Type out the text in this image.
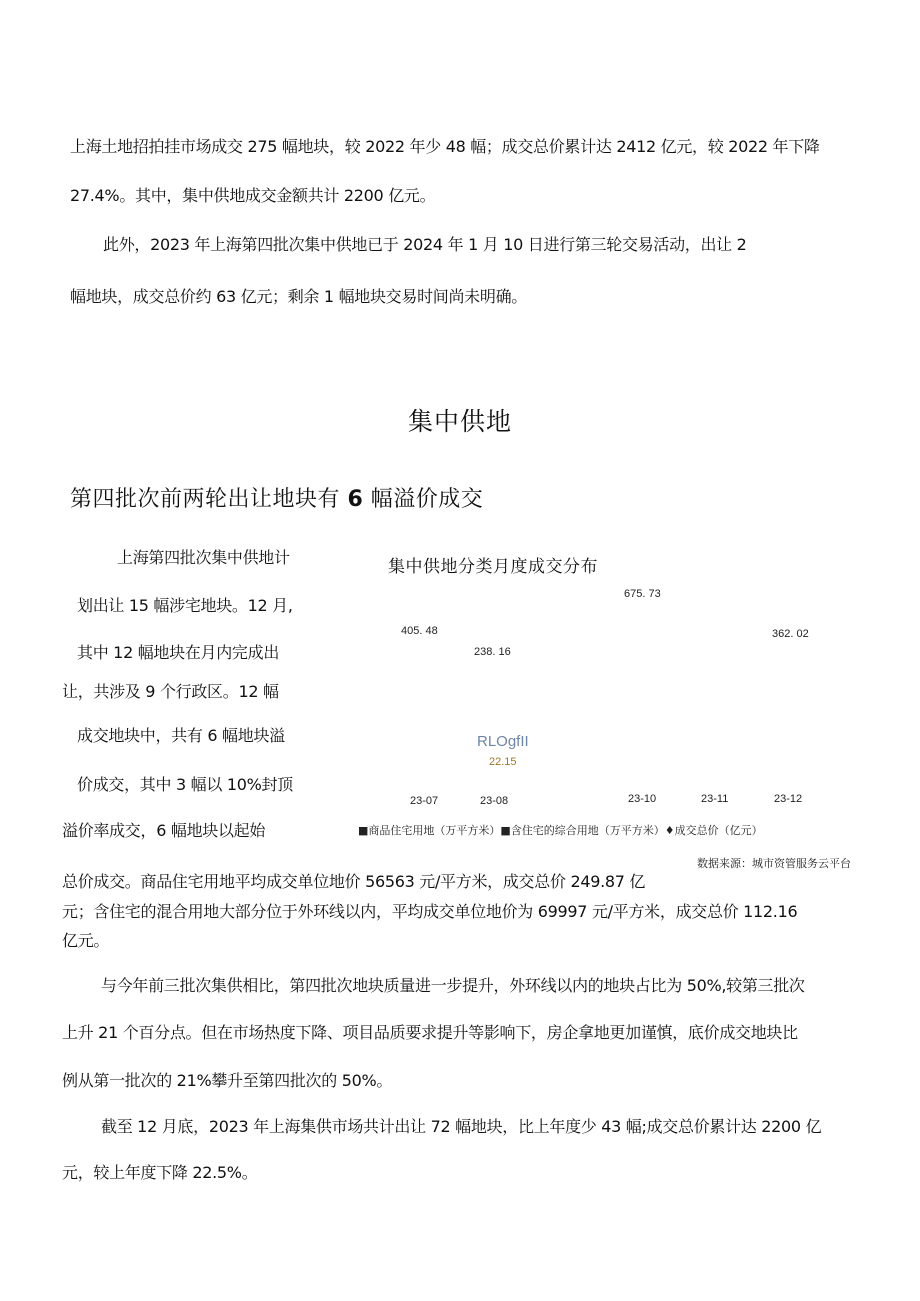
上海土地招拍挂市场成交 275 幅地块，较 2022 年少 48 幅；成交总价累计达 2412 亿元，较 2022 年下降
27.4%。其中，集中供地成交金额共计 2200 亿元。
此外，2023 年上海第四批次集中供地已于 2024 年 1 月 10 日进行第三轮交易活动，出让 2
幅地块，成交总价约 63 亿元；剩余 1 幅地块交易时间尚未明确。
集中供地
第四批次前两轮出让地块有 6 幅溢价成交
上海第四批次集中供地计
划出让 15 幅涉宅地块。12 月,
其中 12 幅地块在月内完成出
让，共涉及 9 个行政区。12 幅
成交地块中，共有 6 幅地块溢
价成交，其中 3 幅以 10%封顶
溢价率成交，6 幅地块以起始
集中供地分类月度成交分布
405. 48
238. 16
675. 73
362. 02
RLOgfII
22.15
23-07	23-08	23-10	23-11	23-12
■商品住宅用地（万平方米）■含住宅的综合用地（万平方米）♦成交总价（亿元）
数据来源：城市资管服务云平台
总价成交。商品住宅用地平均成交单位地价 56563 元/平方米，成交总价 249.87 亿
元；含住宅的混合用地大部分位于外环线以内，平均成交单位地价为 69997 元/平方米，成交总价 112.16
亿元。
与今年前三批次集供相比，第四批次地块质量进一步提升，外环线以内的地块占比为 50%,较第三批次
上升 21 个百分点。但在市场热度下降、项目品质要求提升等影响下，房企拿地更加谨慎，底价成交地块比
例从第一批次的 21%攀升至第四批次的 50%。
截至 12 月底，2023 年上海集供市场共计出让 72 幅地块，比上年度少 43 幅;成交总价累计达 2200 亿
元，较上年度下降 22.5%。
